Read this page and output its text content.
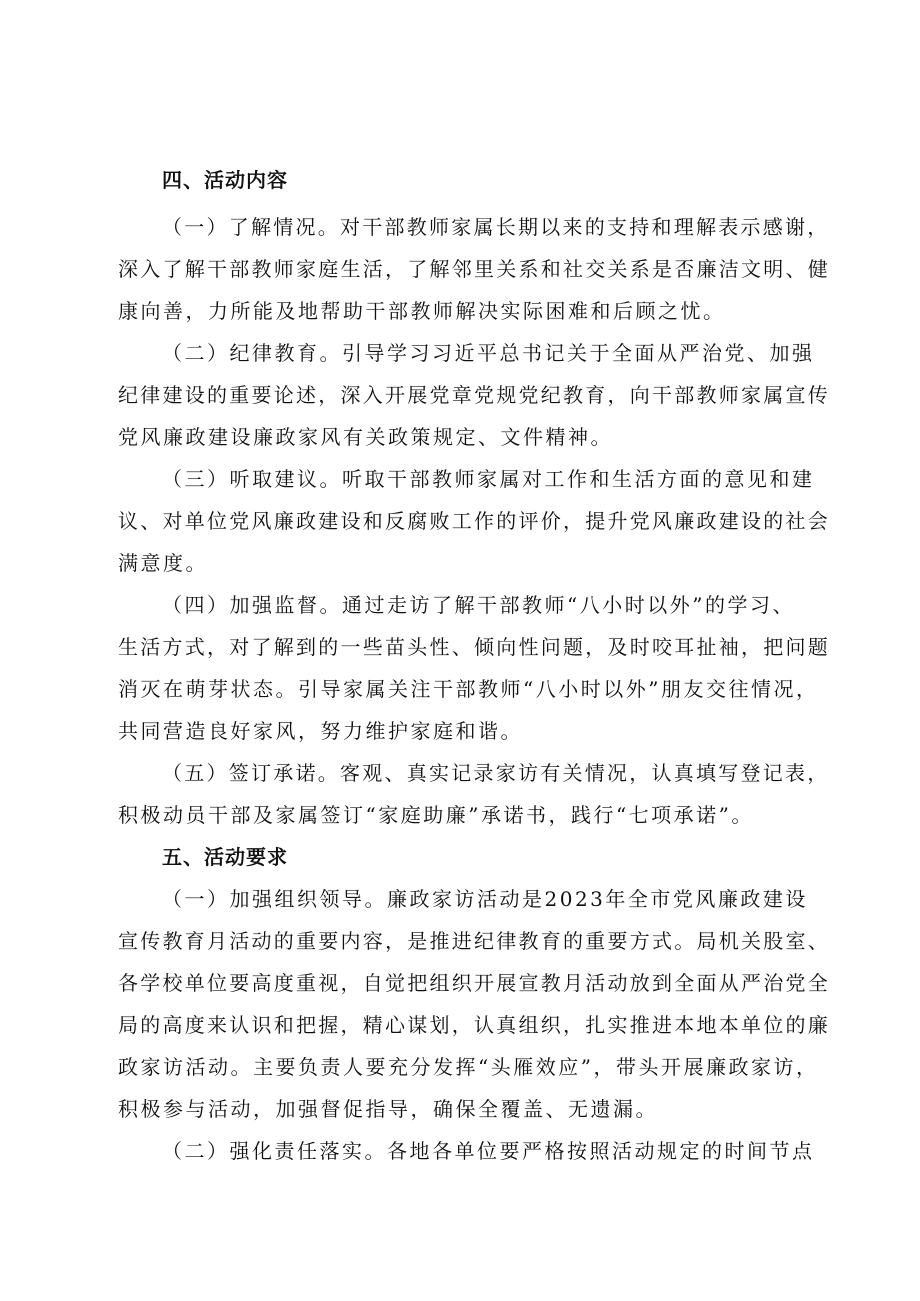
四、活动内容
（一）了解情况。对干部教师家属长期以来的支持和理解表示感谢，
深入了解干部教师家庭生活，了解邻里关系和社交关系是否廉洁文明、健
康向善，力所能及地帮助干部教师解决实际困难和后顾之忧。
（二）纪律教育。引导学习习近平总书记关于全面从严治党、加强
纪律建设的重要论述，深入开展党章党规党纪教育，向干部教师家属宣传
党风廉政建设廉政家风有关政策规定、文件精神。
（三）听取建议。听取干部教师家属对工作和生活方面的意见和建
议、对单位党风廉政建设和反腐败工作的评价，提升党风廉政建设的社会
满意度。
（四）加强监督。通过走访了解干部教师“八小时以外”的学习、
生活方式，对了解到的一些苗头性、倾向性问题，及时咬耳扯袖，把问题
消灭在萌芽状态。引导家属关注干部教师“八小时以外”朋友交往情况，
共同营造良好家风，努力维护家庭和谐。
（五）签订承诺。客观、真实记录家访有关情况，认真填写登记表，
积极动员干部及家属签订“家庭助廉”承诺书，践行“七项承诺”。
五、活动要求
（一）加强组织领导。廉政家访活动是2023年全市党风廉政建设
宣传教育月活动的重要内容，是推进纪律教育的重要方式。局机关股室、
各学校单位要高度重视，自觉把组织开展宣教月活动放到全面从严治党全
局的高度来认识和把握，精心谋划，认真组织，扎实推进本地本单位的廉
政家访活动。主要负责人要充分发挥“头雁效应”，带头开展廉政家访，
积极参与活动，加强督促指导，确保全覆盖、无遗漏。
（二）强化责任落实。各地各单位要严格按照活动规定的时间节点
